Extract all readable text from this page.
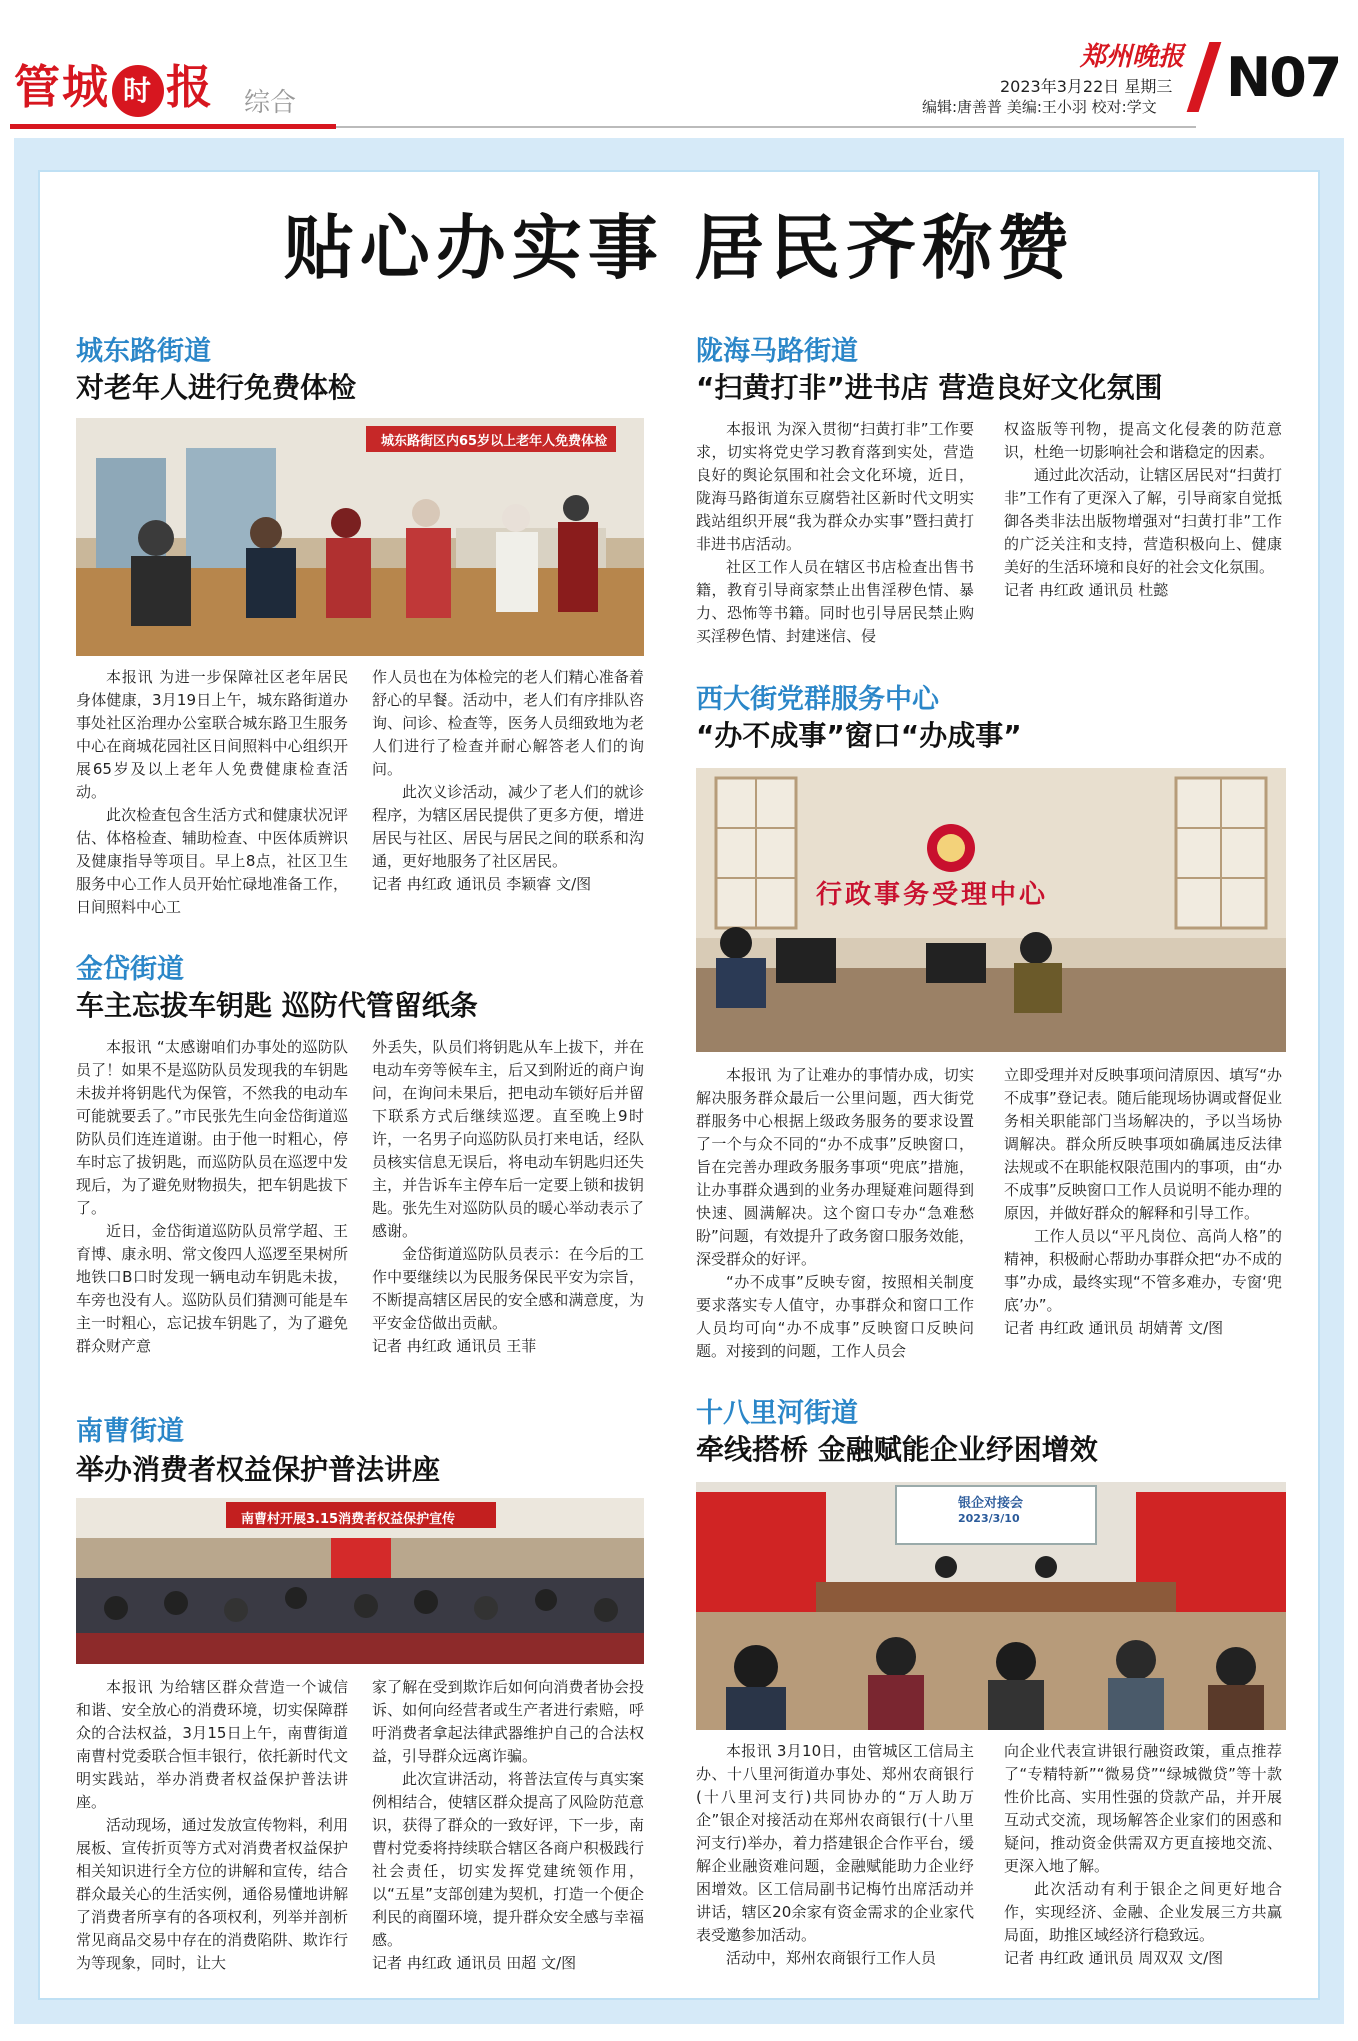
管城 时 报 综合
郑州晚报
2023年3月22日 星期三
编辑:唐善普 美编:王小羽 校对:学文 N07
贴心办实事 居民齐称赞
城东路街道
对老年人进行免费体检
城东路街区内65岁以上老年人免费体检

本报讯 为进一步保障社区老年居民身体健康，3月19日上午，城东路街道办事处社区治理办公室联合城东路卫生服务中心在商城花园社区日间照料中心组织开展65岁及以上老年人免费健康检查活动。

此次检查包含生活方式和健康状况评估、体格检查、辅助检查、中医体质辨识及健康指导等项目。早上8点，社区卫生服务中心工作人员开始忙碌地准备工作，日间照料中心工

作人员也在为体检完的老人们精心准备着舒心的早餐。活动中，老人们有序排队咨询、问诊、检查等，医务人员细致地为老人们进行了检查并耐心解答老人们的询问。

此次义诊活动，减少了老人们的就诊程序，为辖区居民提供了更多方便，增进居民与社区、居民与居民之间的联系和沟通，更好地服务了社区居民。

记者 冉红政 通讯员 李颖睿 文/图
金岱街道
车主忘拔车钥匙 巡防代管留纸条

本报讯 “太感谢咱们办事处的巡防队员了！如果不是巡防队员发现我的车钥匙未拔并将钥匙代为保管，不然我的电动车可能就要丢了。”市民张先生向金岱街道巡防队员们连连道谢。由于他一时粗心，停车时忘了拔钥匙，而巡防队员在巡逻中发现后，为了避免财物损失，把车钥匙拔下了。

近日，金岱街道巡防队员常学超、王育博、康永明、常文俊四人巡逻至果树所地铁口B口时发现一辆电动车钥匙未拔，车旁也没有人。巡防队员们猜测可能是车主一时粗心，忘记拔车钥匙了，为了避免群众财产意

外丢失，队员们将钥匙从车上拔下，并在电动车旁等候车主，后又到附近的商户询问，在询问未果后，把电动车锁好后并留下联系方式后继续巡逻。直至晚上9时许，一名男子向巡防队员打来电话，经队员核实信息无误后，将电动车钥匙归还失主，并告诉车主停车后一定要上锁和拔钥匙。张先生对巡防队员的暖心举动表示了感谢。

金岱街道巡防队员表示：在今后的工作中要继续以为民服务保民平安为宗旨，不断提高辖区居民的安全感和满意度，为平安金岱做出贡献。

记者 冉红政 通讯员 王菲
南曹街道
举办消费者权益保护普法讲座
南曹村开展3.15消费者权益保护宣传

本报讯 为给辖区群众营造一个诚信和谐、安全放心的消费环境，切实保障群众的合法权益，3月15日上午，南曹街道南曹村党委联合恒丰银行，依托新时代文明实践站，举办消费者权益保护普法讲座。

活动现场，通过发放宣传物料，利用展板、宣传折页等方式对消费者权益保护相关知识进行全方位的讲解和宣传，结合群众最关心的生活实例，通俗易懂地讲解了消费者所享有的各项权利，列举并剖析常见商品交易中存在的消费陷阱、欺诈行为等现象，同时，让大

家了解在受到欺诈后如何向消费者协会投诉、如何向经营者或生产者进行索赔，呼吁消费者拿起法律武器维护自己的合法权益，引导群众远离诈骗。

此次宣讲活动，将普法宣传与真实案例相结合，使辖区群众提高了风险防范意识，获得了群众的一致好评，下一步，南曹村党委将持续联合辖区各商户积极践行社会责任，切实发挥党建统领作用，以“五星”支部创建为契机，打造一个便企利民的商圈环境，提升群众安全感与幸福感。

记者 冉红政 通讯员 田超 文/图
陇海马路街道
“扫黄打非”进书店 营造良好文化氛围

本报讯 为深入贯彻“扫黄打非”工作要求，切实将党史学习教育落到实处，营造良好的舆论氛围和社会文化环境，近日，陇海马路街道东豆腐砦社区新时代文明实践站组织开展“我为群众办实事”暨扫黄打非进书店活动。

社区工作人员在辖区书店检查出售书籍，教育引导商家禁止出售淫秽色情、暴力、恐怖等书籍。同时也引导居民禁止购买淫秽色情、封建迷信、侵

权盗版等刊物，提高文化侵袭的防范意识，杜绝一切影响社会和谐稳定的因素。

通过此次活动，让辖区居民对“扫黄打非”工作有了更深入了解，引导商家自觉抵御各类非法出版物增强对“扫黄打非”工作的广泛关注和支持，营造积极向上、健康美好的生活环境和良好的社会文化氛围。

记者 冉红政 通讯员 杜懿
西大街党群服务中心
“办不成事”窗口“办成事”
行政事务受理中心

本报讯 为了让难办的事情办成，切实解决服务群众最后一公里问题，西大街党群服务中心根据上级政务服务的要求设置了一个与众不同的“办不成事”反映窗口，旨在完善办理政务服务事项“兜底”措施，让办事群众遇到的业务办理疑难问题得到快速、圆满解决。这个窗口专办“急难愁盼”问题，有效提升了政务窗口服务效能，深受群众的好评。

“办不成事”反映专窗，按照相关制度要求落实专人值守，办事群众和窗口工作人员均可向“办不成事”反映窗口反映问题。对接到的问题，工作人员会

立即受理并对反映事项问清原因、填写“办不成事”登记表。随后能现场协调或督促业务相关职能部门当场解决的，予以当场协调解决。群众所反映事项如确属违反法律法规或不在职能权限范围内的事项，由“办不成事”反映窗口工作人员说明不能办理的原因，并做好群众的解释和引导工作。

工作人员以“平凡岗位、高尚人格”的精神，积极耐心帮助办事群众把“办不成的事”办成，最终实现“不管多难办，专窗‘兜底’办”。

记者 冉红政 通讯员 胡婧菁 文/图
十八里河街道
牵线搭桥 金融赋能企业纾困增效
银企对接会
2023/3/10

本报讯 3月10日，由管城区工信局主办、十八里河街道办事处、郑州农商银行(十八里河支行)共同协办的“万人助万企”银企对接活动在郑州农商银行(十八里河支行)举办，着力搭建银企合作平台，缓解企业融资难问题，金融赋能助力企业纾困增效。区工信局副书记梅竹出席活动并讲话，辖区20余家有资金需求的企业家代表受邀参加活动。

活动中，郑州农商银行工作人员

向企业代表宣讲银行融资政策，重点推荐了“专精特新”“微易贷”“绿城微贷”等十款性价比高、实用性强的贷款产品，并开展互动式交流，现场解答企业家们的困惑和疑问，推动资金供需双方更直接地交流、更深入地了解。

此次活动有利于银企之间更好地合作，实现经济、金融、企业发展三方共赢局面，助推区域经济行稳致远。

记者 冉红政 通讯员 周双双 文/图
